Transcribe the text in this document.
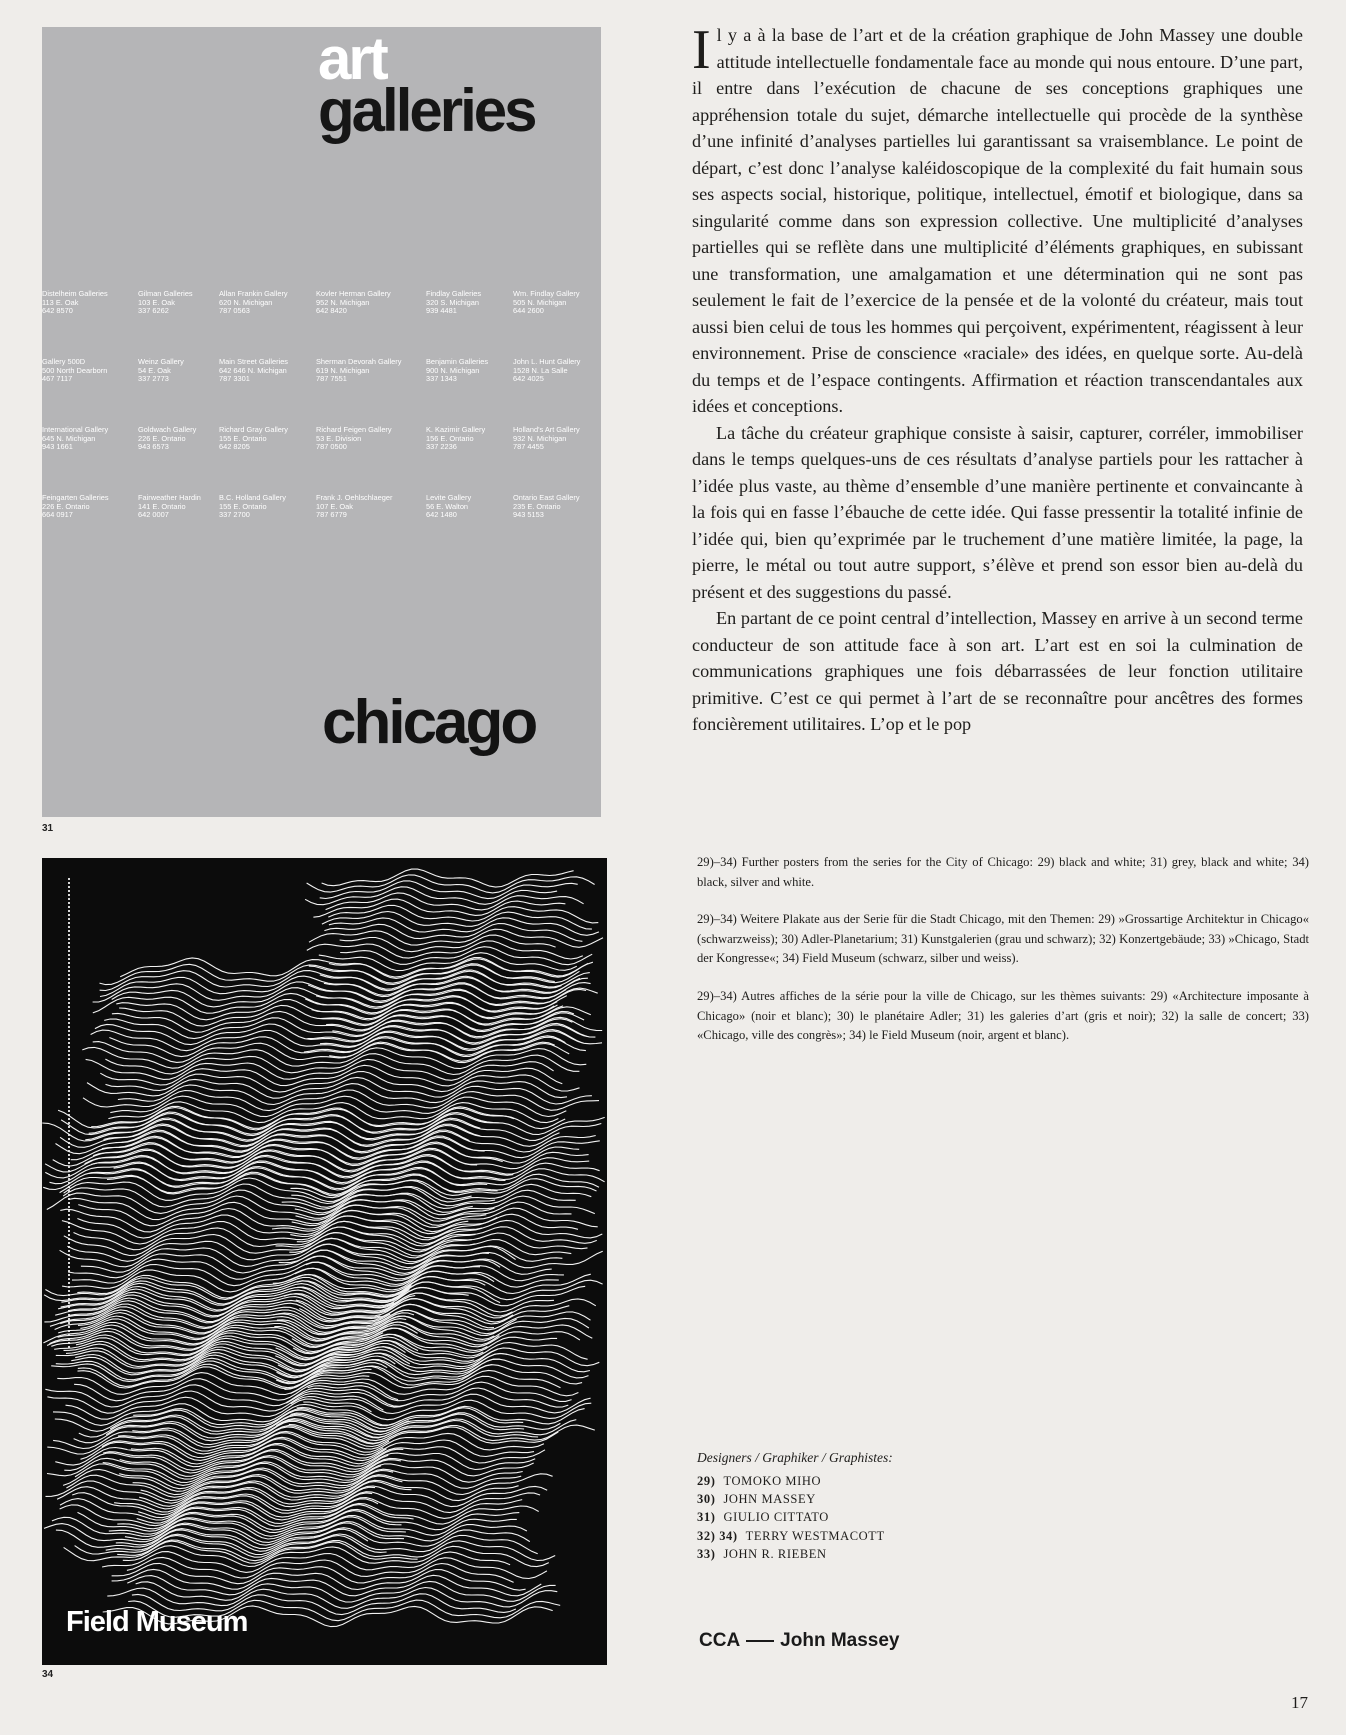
art
galleries
Distelheim Galleries
113 E. Oak
642 8570
Gilman Galleries
103 E. Oak
337 6262
Allan Frankin Gallery
620 N. Michigan
787 0563
Kovler Herman Gallery
952 N. Michigan
642 8420
Findlay Galleries
320 S. Michigan
939 4481
Wm. Findlay Gallery
505 N. Michigan
644 2600
Gallery 500D
500 North Dearborn
467 7117
Weinz Gallery
54 E. Oak
337 2773
Main Street Galleries
642 646 N. Michigan
787 3301
Sherman Devorah Gallery
619 N. Michigan
787 7551
Benjamin Galleries
900 N. Michigan
337 1343
John L. Hunt Gallery
1528 N. La Salle
642 4025
International Gallery
645 N. Michigan
943 1661
Goldwach Gallery
226 E. Ontario
943 6573
Richard Gray Gallery
155 E. Ontario
642 8205
Richard Feigen Gallery
53 E. Division
787 0500
K. Kazimir Gallery
156 E. Ontario
337 2236
Holland's Art Gallery
932 N. Michigan
787 4455
Feingarten Galleries
226 E. Ontario
664 0917
Fairweather Hardin
141 E. Ontario
642 0007
B.C. Holland Gallery
155 E. Ontario
337 2700
Frank J. Oehlschlaeger
107 E. Oak
787 6779
Levite Gallery
56 E. Walton
642 1480
Ontario East Gallery
235 E. Ontario
943 5153
chicago
31
Field Museum
34

Il y a à la base de l’art et de la création graphique de John Massey une double attitude intellectuelle fondamentale face au monde qui nous entoure. D’une part, il entre dans l’exécution de chacune de ses conceptions graphiques une appréhension totale du sujet, démarche intellectuelle qui procède de la synthèse d’une infinité d’analyses partielles lui garantissant sa vraisemblance. Le point de départ, c’est donc l’analyse kaléidoscopique de la complexité du fait humain sous ses aspects social, historique, politique, intellectuel, émotif et biologique, dans sa singularité comme dans son expression collective. Une multiplicité d’analyses partielles qui se reflète dans une multiplicité d’éléments graphiques, en subissant une transformation, une amalgamation et une détermination qui ne sont pas seulement le fait de l’exercice de la pensée et de la volonté du créateur, mais tout aussi bien celui de tous les hommes qui perçoivent, expérimentent, réagissent à leur environnement. Prise de conscience «raciale» des idées, en quelque sorte. Au-delà du temps et de l’espace contingents. Affirmation et réaction transcendantales aux idées et conceptions.

La tâche du créateur graphique consiste à saisir, capturer, corréler, immobiliser dans le temps quelques-uns de ces résultats d’analyse partiels pour les rattacher à l’idée plus vaste, au thème d’ensemble d’une manière pertinente et convaincante à la fois qui en fasse l’ébauche de cette idée. Qui fasse pressentir la totalité infinie de l’idée qui, bien qu’exprimée par le truchement d’une matière limitée, la page, la pierre, le métal ou tout autre support, s’élève et prend son essor bien au-delà du présent et des suggestions du passé.

En partant de ce point central d’intellection, Massey en arrive à un second terme conducteur de son attitude face à son art. L’art est en soi la culmination de communications graphiques une fois débarrassées de leur fonction utilitaire primitive. C’est ce qui permet à l’art de se reconnaître pour ancêtres des formes foncièrement utilitaires. L’op et le pop

29)–34) Further posters from the series for the City of Chicago: 29) black and white; 31) grey, black and white; 34) black, silver and white.

29)–34) Weitere Plakate aus der Serie für die Stadt Chicago, mit den Themen: 29) »Grossartige Architektur in Chicago« (schwarzweiss); 30) Adler-Planetarium; 31) Kunstgalerien (grau und schwarz); 32) Konzertgebäude; 33) »Chicago, Stadt der Kongresse«; 34) Field Museum (schwarz, silber und weiss).

29)–34) Autres affiches de la série pour la ville de Chicago, sur les thèmes suivants: 29) «Architecture imposante à Chicago» (noir et blanc); 30) le planétaire Adler; 31) les galeries d’art (gris et noir); 32) la salle de concert; 33) «Chicago, ville des congrès»; 34) le Field Museum (noir, argent et blanc).

Designers / Graphiker / Graphistes:

29) TOMOKO MIHO
30) JOHN MASSEY
31) GIULIO CITTATO
32) 34) TERRY WESTMACOTT
33) JOHN R. RIEBEN
CCA John Massey
17
